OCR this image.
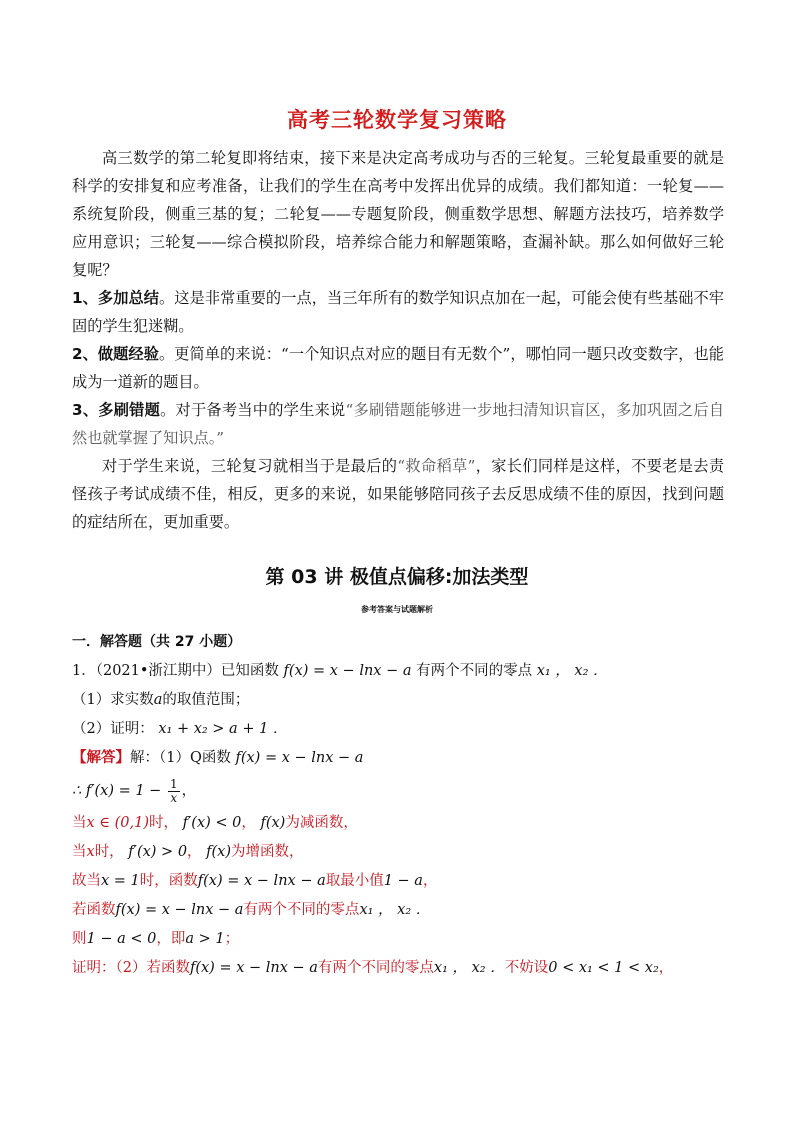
高考三轮数学复习策略

高三数学的第二轮复即将结束，接下来是决定高考成功与否的三轮复。三轮复最重要的就是科学的安排复和应考准备，让我们的学生在高考中发挥出优异的成绩。我们都知道：一轮复——系统复阶段，侧重三基的复；二轮复——专题复阶段，侧重数学思想、解题方法技巧，培养数学应用意识；三轮复——综合模拟阶段，培养综合能力和解题策略，查漏补缺。那么如何做好三轮复呢？

1、多加总结。这是非常重要的一点，当三年所有的数学知识点加在一起，可能会使有些基础不牢固的学生犯迷糊。

2、做题经验。更简单的来说：“一个知识点对应的题目有无数个”，哪怕同一题只改变数字，也能成为一道新的题目。

3、多刷错题。对于备考当中的学生来说“多刷错题能够进一步地扫清知识盲区，多加巩固之后自然也就掌握了知识点。”

对于学生来说，三轮复习就相当于是最后的“救命稻草”，家长们同样是这样，不要老是去责怪孩子考试成绩不佳，相反，更多的来说，如果能够陪同孩子去反思成绩不佳的原因，找到问题的症结所在，更加重要。

第 03 讲 极值点偏移:加法类型
参考答案与试题解析
一．解答题（共 27 小题）
1．（2021•浙江期中）已知函数 f(x) = x − lnx − a 有两个不同的零点 x₁ ， x₂ ．
（1）求实数a的取值范围；
（2）证明： x₁ + x₂ > a + 1 ．
【解答】解：（1）Q函数 f(x) = x − lnx − a
∴ $f'(x) = 1 - \frac{1}{x}$ ，
当x ∈ (0,1)时， f′(x) < 0， f(x)为减函数，
当x时， f′(x) > 0， f(x)为增函数，
故当x = 1时，函数f(x) = x − lnx − a取最小值1 − a，
若函数f(x) = x − lnx − a有两个不同的零点x₁ ， x₂ ．
则1 − a < 0，即a > 1；
证明：（2）若函数f(x) = x − lnx − a有两个不同的零点x₁ ， x₂ ．不妨设0 < x₁ < 1 < x₂，
